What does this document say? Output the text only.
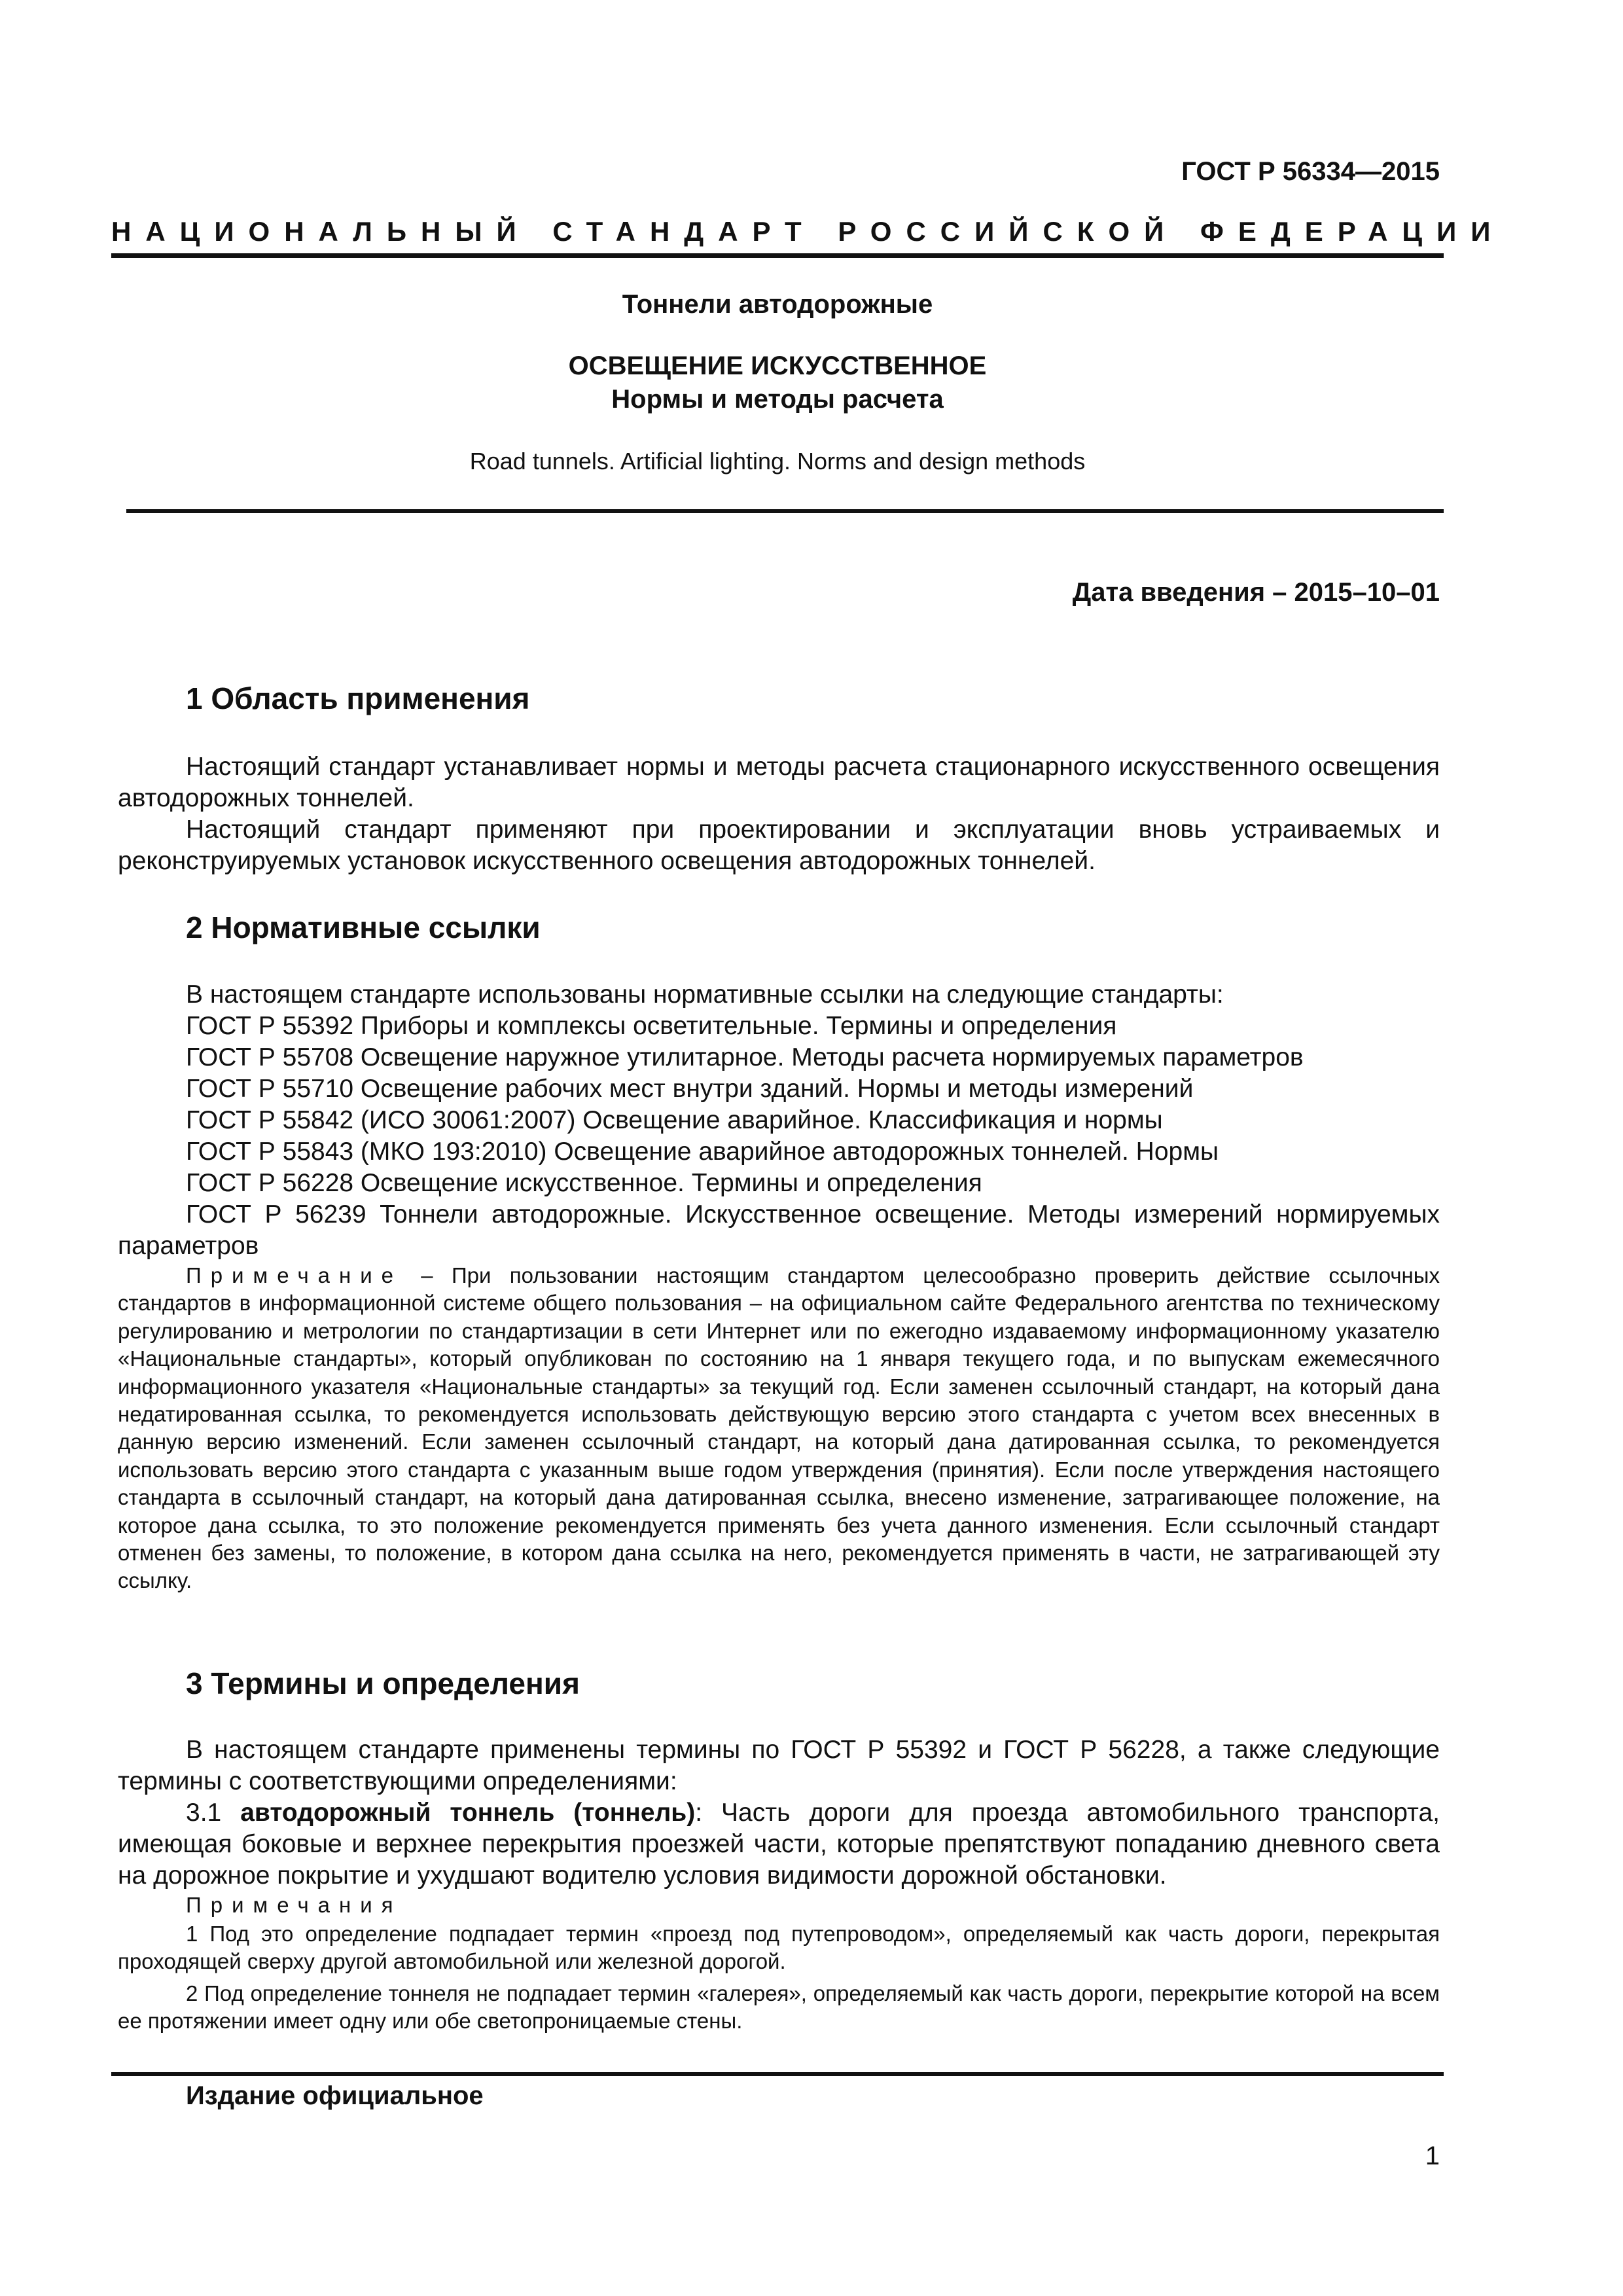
ГОСТ Р 56334—2015
НАЦИОНАЛЬНЫЙ СТАНДАРТ РОССИЙСКОЙ ФЕДЕРАЦИИ
Тоннели автодорожные
ОСВЕЩЕНИЕ ИСКУССТВЕННОЕ
Нормы и методы расчета
Road tunnels. Artificial lighting. Norms and design methods
Дата введения – 2015–10–01
1 Область применения
Настоящий стандарт устанавливает нормы и методы расчета стационарного искусственного освещения автодорожных тоннелей.
Настоящий стандарт применяют при проектировании и эксплуатации вновь устраиваемых и реконструируемых установок искусственного освещения автодорожных тоннелей.
2 Нормативные ссылки
В настоящем стандарте использованы нормативные ссылки на следующие стандарты:
ГОСТ Р 55392 Приборы и комплексы осветительные. Термины и определения
ГОСТ Р 55708 Освещение наружное утилитарное. Методы расчета нормируемых параметров
ГОСТ Р 55710 Освещение рабочих мест внутри зданий. Нормы и методы измерений
ГОСТ Р 55842 (ИСО 30061:2007) Освещение аварийное. Классификация и нормы
ГОСТ Р 55843 (МКО 193:2010) Освещение аварийное автодорожных тоннелей. Нормы
ГОСТ Р 56228 Освещение искусственное. Термины и определения
ГОСТ Р 56239 Тоннели автодорожные. Искусственное освещение. Методы измерений нормируемых параметров
Примечание – При пользовании настоящим стандартом целесообразно проверить действие ссылочных стандартов в информационной системе общего пользования – на официальном сайте Федерального агентства по техническому регулированию и метрологии по стандартизации в сети Интернет или по ежегодно издаваемому информационному указателю «Национальные стандарты», который опубликован по состоянию на 1 января текущего года, и по выпускам ежемесячного информационного указателя «Национальные стандарты» за текущий год. Если заменен ссылочный стандарт, на который дана недатированная ссылка, то рекомендуется использовать действующую версию этого стандарта с учетом всех внесенных в данную версию изменений. Если заменен ссылочный стандарт, на который дана датированная ссылка, то рекомендуется использовать версию этого стандарта с указанным выше годом утверждения (принятия). Если после утверждения настоящего стандарта в ссылочный стандарт, на который дана датированная ссылка, внесено изменение, затрагивающее положение, на которое дана ссылка, то это положение рекомендуется применять без учета данного изменения. Если ссылочный стандарт отменен без замены, то положение, в котором дана ссылка на него, рекомендуется применять в части, не затрагивающей эту ссылку.
3 Термины и определения
В настоящем стандарте применены термины по ГОСТ Р 55392 и ГОСТ Р 56228, а также следующие термины с соответствующими определениями:
3.1 автодорожный тоннель (тоннель): Часть дороги для проезда автомобильного транспорта, имеющая боковые и верхнее перекрытия проезжей части, которые препятствуют попаданию дневного света на дорожное покрытие и ухудшают водителю условия видимости дорожной обстановки.
Примечания
1 Под это определение подпадает термин «проезд под путепроводом», определяемый как часть дороги, перекрытая проходящей сверху другой автомобильной или железной дорогой.
2 Под определение тоннеля не подпадает термин «галерея», определяемый как часть дороги, перекрытие которой на всем ее протяжении имеет одну или обе светопроницаемые стены.
Издание официальное
1
